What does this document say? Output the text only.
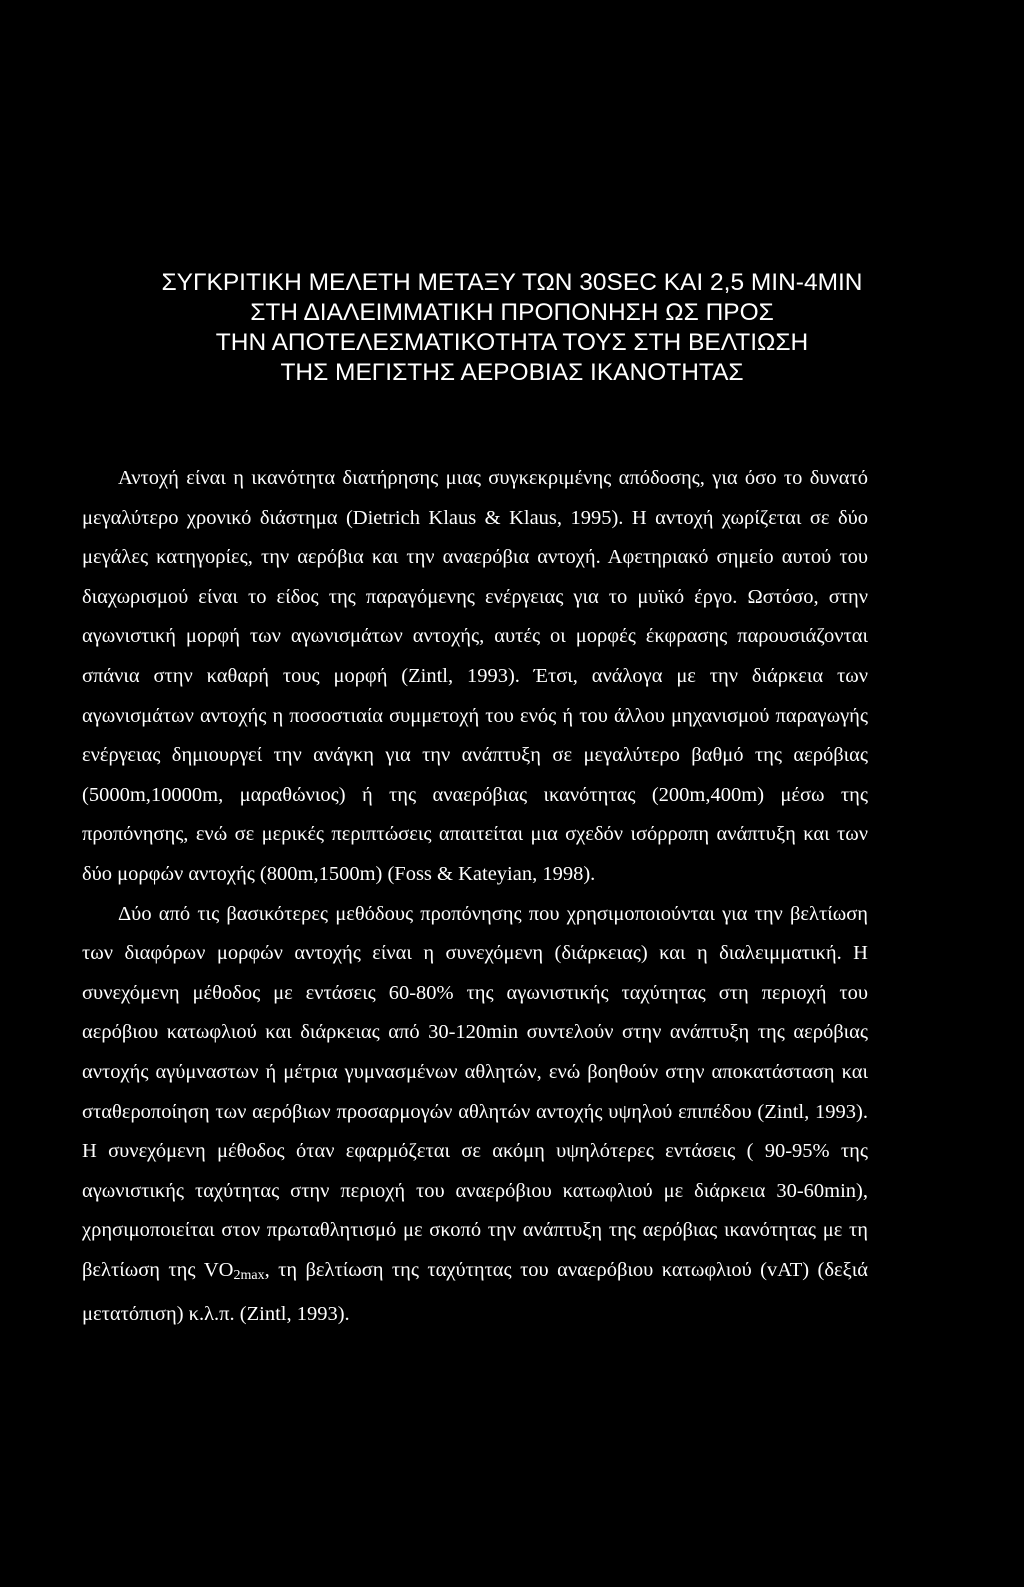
ΣΥΓΚΡΙΤΙΚΗ ΜΕΛΕΤΗ ΜΕΤΑΞΥ ΤΩΝ 30SEC ΚΑΙ 2,5 MIN-4MIN
ΣΤΗ ΔΙΑΛΕΙΜΜΑΤΙΚΗ ΠΡΟΠΟΝΗΣΗ ΩΣ ΠΡΟΣ
ΤΗΝ ΑΠΟΤΕΛΕΣΜΑΤΙΚΟΤΗΤΑ ΤΟΥΣ ΣΤΗ ΒΕΛΤΙΩΣΗ
ΤΗΣ ΜΕΓΙΣΤΗΣ ΑΕΡΟΒΙΑΣ ΙΚΑΝΟΤΗΤΑΣ

Αντοχή είναι η ικανότητα διατήρησης μιας συγκεκριμένης απόδοσης, για όσο το δυνατό μεγαλύτερο χρονικό διάστημα (Dietrich Klaus & Klaus, 1995). Η αντοχή χωρίζεται σε δύο μεγάλες κατηγορίες, την αερόβια και την αναερόβια αντοχή. Αφετηριακό σημείο αυτού του διαχωρισμού είναι το είδος της παραγόμενης ενέργειας για το μυϊκό έργο. Ωστόσο, στην αγωνιστική μορφή των αγωνισμάτων αντοχής, αυτές οι μορφές έκφρασης παρουσιάζονται σπάνια στην καθαρή τους μορφή (Zintl, 1993). Έτσι, ανάλογα με την διάρκεια των αγωνισμάτων αντοχής η ποσοστιαία συμμετοχή του ενός ή του άλλου μηχανισμού παραγωγής ενέργειας δημιουργεί την ανάγκη για την ανάπτυξη σε μεγαλύτερο βαθμό της αερόβιας (5000m,10000m, μαραθώνιος) ή της αναερόβιας ικανότητας (200m,400m) μέσω της προπόνησης, ενώ σε μερικές περιπτώσεις απαιτείται μια σχεδόν ισόρροπη ανάπτυξη και των δύο μορφών αντοχής (800m,1500m) (Foss & Kateyian, 1998).

Δύο από τις βασικότερες μεθόδους προπόνησης που χρησιμοποιούνται για την βελτίωση των διαφόρων μορφών αντοχής είναι η συνεχόμενη (διάρκειας) και η διαλειμματική. Η συνεχόμενη μέθοδος με εντάσεις 60-80% της αγωνιστικής ταχύτητας στη περιοχή του αερόβιου κατωφλιού και διάρκειας από 30-120min συντελούν στην ανάπτυξη της αερόβιας αντοχής αγύμναστων ή μέτρια γυμνασμένων αθλητών, ενώ βοηθούν στην αποκατάσταση και σταθεροποίηση των αερόβιων προσαρμογών αθλητών αντοχής υψηλού επιπέδου (Zintl, 1993). Η συνεχόμενη μέθοδος όταν εφαρμόζεται σε ακόμη υψηλότερες εντάσεις ( 90-95% της αγωνιστικής ταχύτητας στην περιοχή του αναερόβιου κατωφλιού με διάρκεια 30-60min), χρησιμοποιείται στον πρωταθλητισμό με σκοπό την ανάπτυξη της αερόβιας ικανότητας με τη βελτίωση της $VO_{2max}$, τη βελτίωση της ταχύτητας του αναερόβιου κατωφλιού (vAT) (δεξιά μετατόπιση) κ.λ.π. (Zintl, 1993).
